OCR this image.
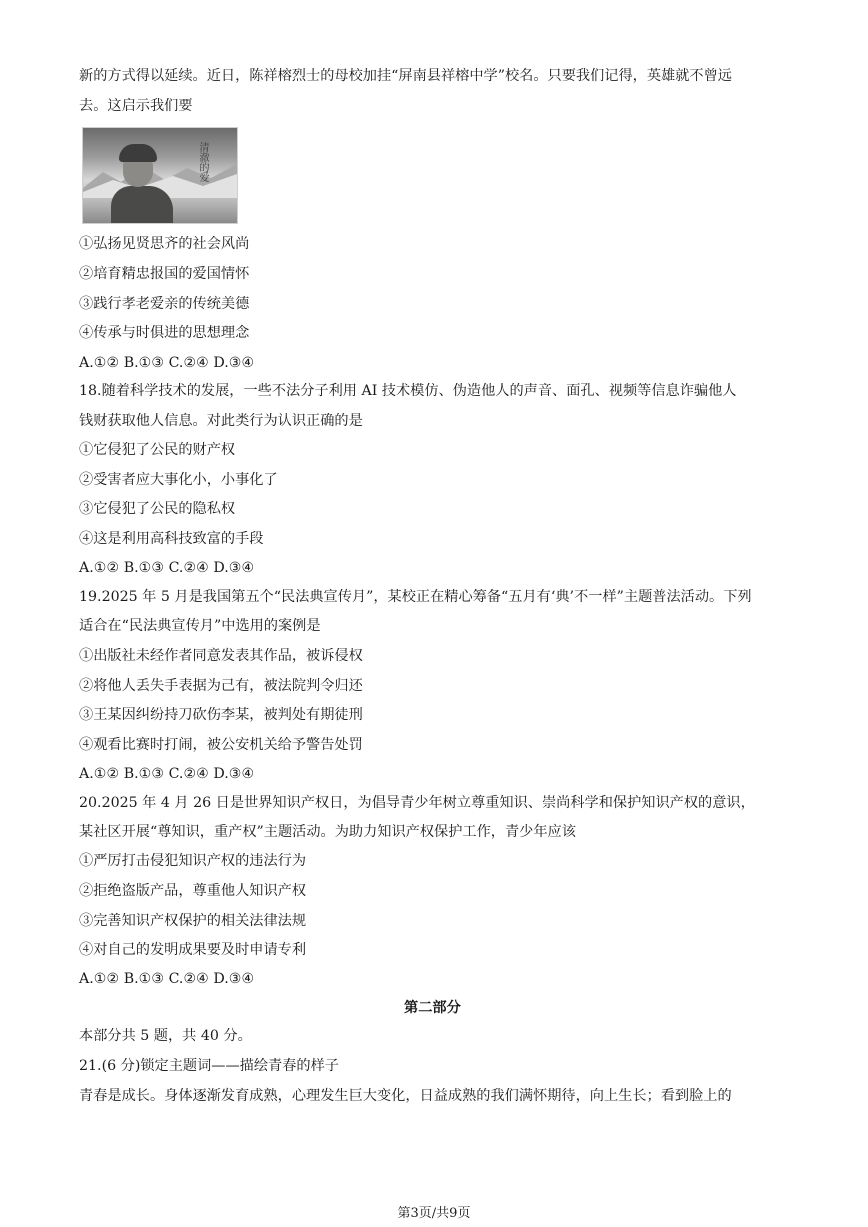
新的方式得以延续。近日，陈祥榕烈士的母校加挂“屏南县祥榕中学”校名。只要我们记得，英雄就不曾远
去。这启示我们要
清澈的爱
①弘扬见贤思齐的社会风尚
②培育精忠报国的爱国情怀
③践行孝老爱亲的传统美德
④传承与时俱进的思想理念
A.①② B.①③ C.②④ D.③④
18.随着科学技术的发展，一些不法分子利用 AI 技术模仿、伪造他人的声音、面孔、视频等信息诈骗他人
钱财获取他人信息。对此类行为认识正确的是
①它侵犯了公民的财产权
②受害者应大事化小，小事化了
③它侵犯了公民的隐私权
④这是利用高科技致富的手段
A.①② B.①③ C.②④ D.③④
19.2025 年 5 月是我国第五个“民法典宣传月”，某校正在精心筹备“五月有‘典’不一样”主题普法活动。下列
适合在“民法典宣传月”中选用的案例是
①出版社未经作者同意发表其作品，被诉侵权
②将他人丢失手表据为己有，被法院判令归还
③王某因纠纷持刀砍伤李某，被判处有期徒刑
④观看比赛时打闹，被公安机关给予警告处罚
A.①② B.①③ C.②④ D.③④
20.2025 年 4 月 26 日是世界知识产权日，为倡导青少年树立尊重知识、崇尚科学和保护知识产权的意识，
某社区开展“尊知识，重产权”主题活动。为助力知识产权保护工作，青少年应该
①严厉打击侵犯知识产权的违法行为
②拒绝盗版产品，尊重他人知识产权
③完善知识产权保护的相关法律法规
④对自己的发明成果要及时申请专利
A.①② B.①③ C.②④ D.③④
第二部分
本部分共 5 题，共 40 分。
21.(6 分)锁定主题词——描绘青春的样子
青春是成长。身体逐渐发育成熟，心理发生巨大变化，日益成熟的我们满怀期待，向上生长；看到脸上的
第3页/共9页
